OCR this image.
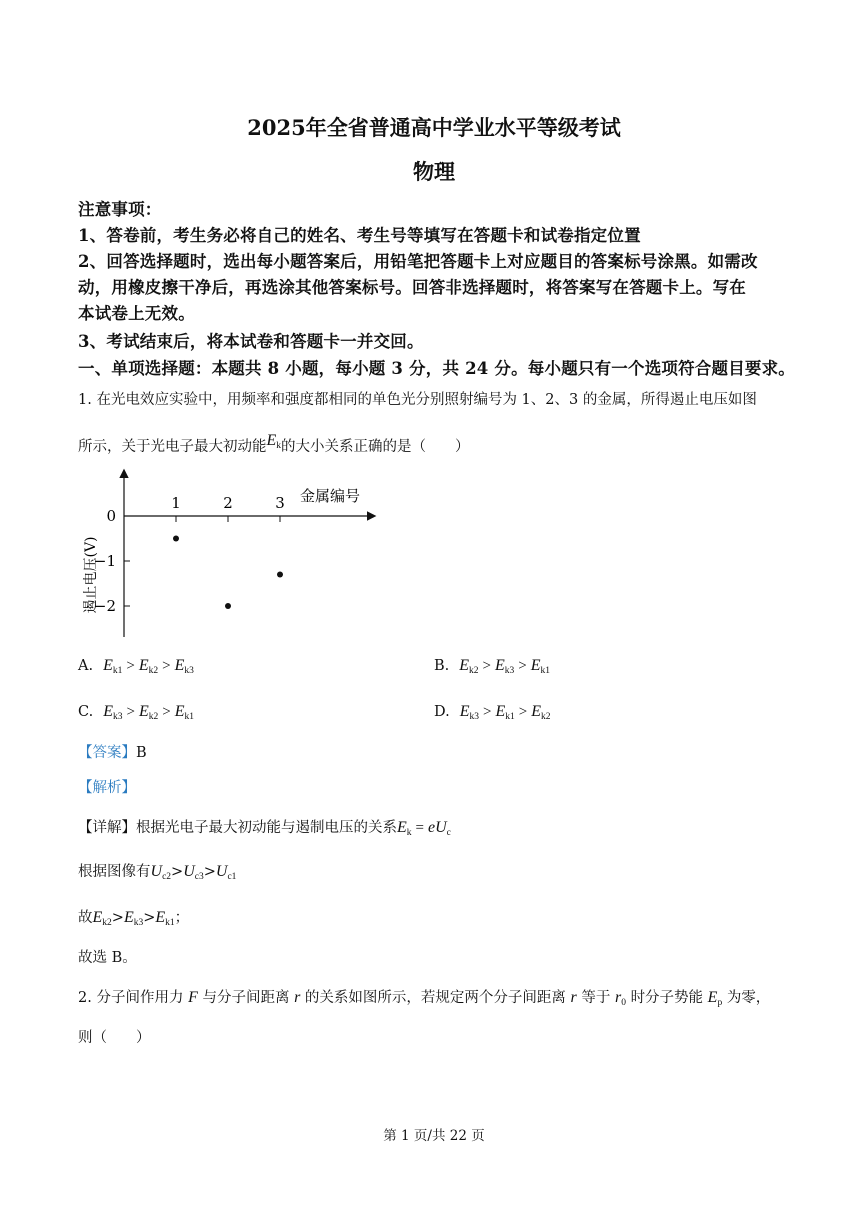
2025年全省普通高中学业水平等级考试
物理
注意事项：
1、答卷前，考生务必将自己的姓名、考生号等填写在答题卡和试卷指定位置
2、回答选择题时，选出每小题答案后，用铅笔把答题卡上对应题目的答案标号涂黑。如需改
动，用橡皮擦干净后，再选涂其他答案标号。回答非选择题时，将答案写在答题卡上。写在
本试卷上无效。
3、考试结束后，将本试卷和答题卡一并交回。
一、单项选择题：本题共 8 小题，每小题 3 分，共 24 分。每小题只有一个选项符合题目要求。
1. 在光电效应实验中，用频率和强度都相同的单色光分别照射编号为 1、2、3 的金属，所得遏止电压如图
所示，关于光电子最大初动能$E_k$的大小关系正确的是（　　）
金属编号
遏止电压(V)
0
−1
−2
1	2	3
A. $E_{k1} > E_{k2} > E_{k3}$	B. $E_{k2} > E_{k3} > E_{k1}$
C. $E_{k3} > E_{k2} > E_{k1}$	D. $E_{k3} > E_{k1} > E_{k2}$
【答案】B
【解析】
【详解】根据光电子最大初动能与遏制电压的关系$E_k = eU_c$
根据图像有$U_{c2}>U_{c3}>U_{c1}$
故$E_{k2}>E_{k3}>E_{k1}$；
故选 B。
2. 分子间作用力 F 与分子间距离 r 的关系如图所示，若规定两个分子间距离 r 等于 $r_0$ 时分子势能 $E_p$ 为零，
则（　　）
第 1 页/共 22 页
